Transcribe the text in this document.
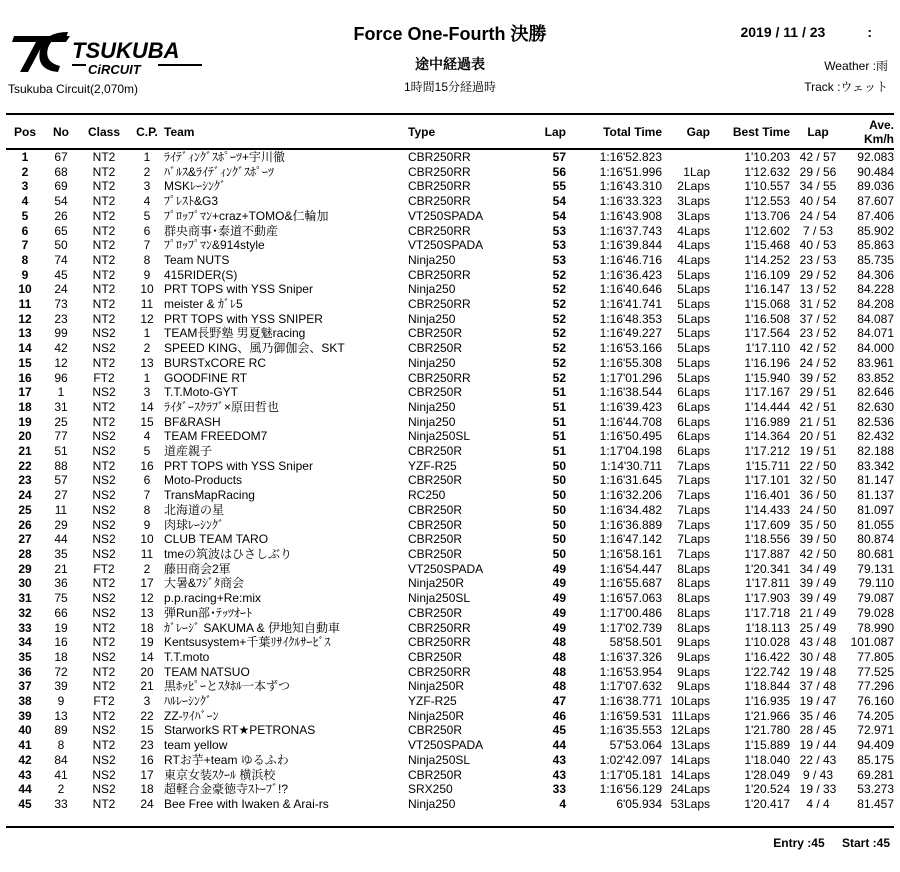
TSUKUBA
CiRCUIT
Tsukuba Circuit(2,070m)
Force One-Fourth 決勝
途中経過表
1時間15分経過時
2019 / 11 / 23	:
Weather :雨
Track :ウェット
Pos	No	Class	C.P.	Team	Type	Lap	Total Time	Gap	Best Time	Lap	Ave.
Km/h
1	67	NT2	1	ﾗｲﾃﾞｨﾝｸﾞｽﾎﾟｰﾂ+宇川徹	CBR250RR	57	1:16'52.823		1'10.203	42 / 57	92.083
2	68	NT2	2	ﾊﾞﾙｽ&ﾗｲﾃﾞｨﾝｸﾞｽﾎﾟｰﾂ	CBR250RR	56	1:16'51.996	1Lap	1'12.632	29 / 56	90.484
3	69	NT2	3	MSKﾚｰｼﾝｸﾞ	CBR250RR	55	1:16'43.310	2Laps	1'10.557	34 / 55	89.036
4	54	NT2	4	ﾌﾟﾚｽﾄ&G3	CBR250RR	54	1:16'33.323	3Laps	1'12.553	40 / 54	87.607
5	26	NT2	5	ﾌﾟﾛｯﾌﾟﾏﾝ+craz+TOMO&仁輪加	VT250SPADA	54	1:16'43.908	3Laps	1'13.706	24 / 54	87.406
6	65	NT2	6	群央商事･泰道不動産	CBR250RR	53	1:16'37.743	4Laps	1'12.602	7 / 53	85.902
7	50	NT2	7	ﾌﾟﾛｯﾌﾟﾏﾝ&914style	VT250SPADA	53	1:16'39.844	4Laps	1'15.468	40 / 53	85.863
8	74	NT2	8	Team NUTS	Ninja250	53	1:16'46.716	4Laps	1'14.252	23 / 53	85.735
9	45	NT2	9	415RIDER(S)	CBR250RR	52	1:16'36.423	5Laps	1'16.109	29 / 52	84.306
10	24	NT2	10	PRT TOPS with YSS Sniper	Ninja250	52	1:16'40.646	5Laps	1'16.147	13 / 52	84.228
11	73	NT2	11	meister & ｶﾞﾚ5	CBR250RR	52	1:16'41.741	5Laps	1'15.068	31 / 52	84.208
12	23	NT2	12	PRT TOPS with YSS SNIPER	Ninja250	52	1:16'48.353	5Laps	1'16.508	37 / 52	84.087
13	99	NS2	1	TEAM長野塾 男夏魅racing	CBR250R	52	1:16'49.227	5Laps	1'17.564	23 / 52	84.071
14	42	NS2	2	SPEED KING、風乃御伽会、SKT	CBR250R	52	1:16'53.166	5Laps	1'17.110	42 / 52	84.000
15	12	NT2	13	BURSTxCORE RC	Ninja250	52	1:16'55.308	5Laps	1'16.196	24 / 52	83.961
16	96	FT2	1	GOODFINE RT	CBR250RR	52	1:17'01.296	5Laps	1'15.940	39 / 52	83.852
17	1	NS2	3	T.T.Moto-GYT	CBR250R	51	1:16'38.544	6Laps	1'17.167	29 / 51	82.646
18	31	NT2	14	ﾗｲﾀﾞｰｽｸﾗﾌﾞ×原田哲也	Ninja250	51	1:16'39.423	6Laps	1'14.444	42 / 51	82.630
19	25	NT2	15	BF&RASH	Ninja250	51	1:16'44.708	6Laps	1'16.989	21 / 51	82.536
20	77	NS2	4	TEAM FREEDOM7	Ninja250SL	51	1:16'50.495	6Laps	1'14.364	20 / 51	82.432
21	51	NS2	5	道産親子	CBR250R	51	1:17'04.198	6Laps	1'17.212	19 / 51	82.188
22	88	NT2	16	PRT TOPS with YSS Sniper	YZF-R25	50	1:14'30.711	7Laps	1'15.711	22 / 50	83.342
23	57	NS2	6	Moto-Products	CBR250R	50	1:16'31.645	7Laps	1'17.101	32 / 50	81.147
24	27	NS2	7	TransMapRacing	RC250	50	1:16'32.206	7Laps	1'16.401	36 / 50	81.137
25	11	NS2	8	北海道の星	CBR250R	50	1:16'34.482	7Laps	1'14.433	24 / 50	81.097
26	29	NS2	9	肉球ﾚｰｼﾝｸﾞ	CBR250R	50	1:16'36.889	7Laps	1'17.609	35 / 50	81.055
27	44	NS2	10	CLUB TEAM TARO	CBR250R	50	1:16'47.142	7Laps	1'18.556	39 / 50	80.874
28	35	NS2	11	tmeの筑波はひさしぶり	CBR250R	50	1:16'58.161	7Laps	1'17.887	42 / 50	80.681
29	21	FT2	2	藤田商会2軍	VT250SPADA	49	1:16'54.447	8Laps	1'20.341	34 / 49	79.131
30	36	NT2	17	大暑&ﾌｼﾞﾀ商会	Ninja250R	49	1:16'55.687	8Laps	1'17.811	39 / 49	79.110
31	75	NS2	12	p.p.racing+Re:mix	Ninja250SL	49	1:16'57.063	8Laps	1'17.903	39 / 49	79.087
32	66	NS2	13	弾Run部･ﾃｯﾂｵｰﾄ	CBR250R	49	1:17'00.486	8Laps	1'17.718	21 / 49	79.028
33	19	NT2	18	ｶﾞﾚｰｼﾞ SAKUMA & 伊地知自動車	CBR250RR	49	1:17'02.739	8Laps	1'18.113	25 / 49	78.990
34	16	NT2	19	Kentsusystem+千葉ﾘｻｲｸﾙｻｰﾋﾞｽ	CBR250RR	48	58'58.501	9Laps	1'10.028	43 / 48	101.087
35	18	NS2	14	T.T.moto	CBR250R	48	1:16'37.326	9Laps	1'16.422	30 / 48	77.805
36	72	NT2	20	TEAM NATSUO	CBR250RR	48	1:16'53.954	9Laps	1'22.742	19 / 48	77.525
37	39	NT2	21	黒ﾎｯﾋﾟｰとｽﾀﾎﾙ一本ずつ	Ninja250R	48	1:17'07.632	9Laps	1'18.844	37 / 48	77.296
38	9	FT2	3	ﾊﾙﾚｰｼﾝｸﾞ	YZF-R25	47	1:16'38.771	10Laps	1'16.935	19 / 47	76.160
39	13	NT2	22	ZZ-ﾜｲﾊﾞｰﾝ	Ninja250R	46	1:16'59.531	11Laps	1'21.966	35 / 46	74.205
40	89	NS2	15	StarworkS RT★PETRONAS	CBR250R	45	1:16'35.553	12Laps	1'21.780	28 / 45	72.971
41	8	NT2	23	team yellow	VT250SPADA	44	57'53.064	13Laps	1'15.889	19 / 44	94.409
42	84	NS2	16	RTお芋+team ゆるふわ	Ninja250SL	43	1:02'42.097	14Laps	1'18.040	22 / 43	85.175
43	41	NS2	17	東京女装ｽｸｰﾙ 横浜校	CBR250R	43	1:17'05.181	14Laps	1'28.049	9 / 43	69.281
44	2	NS2	18	超軽合金豪徳寺ｽﾄｰﾌﾞ!?	SRX250	33	1:16'56.129	24Laps	1'20.524	19 / 33	53.273
45	33	NT2	24	Bee Free with Iwaken & Arai-rs	Ninja250	4	6'05.934	53Laps	1'20.417	4 / 4	81.457
Entry :45 Start :45
